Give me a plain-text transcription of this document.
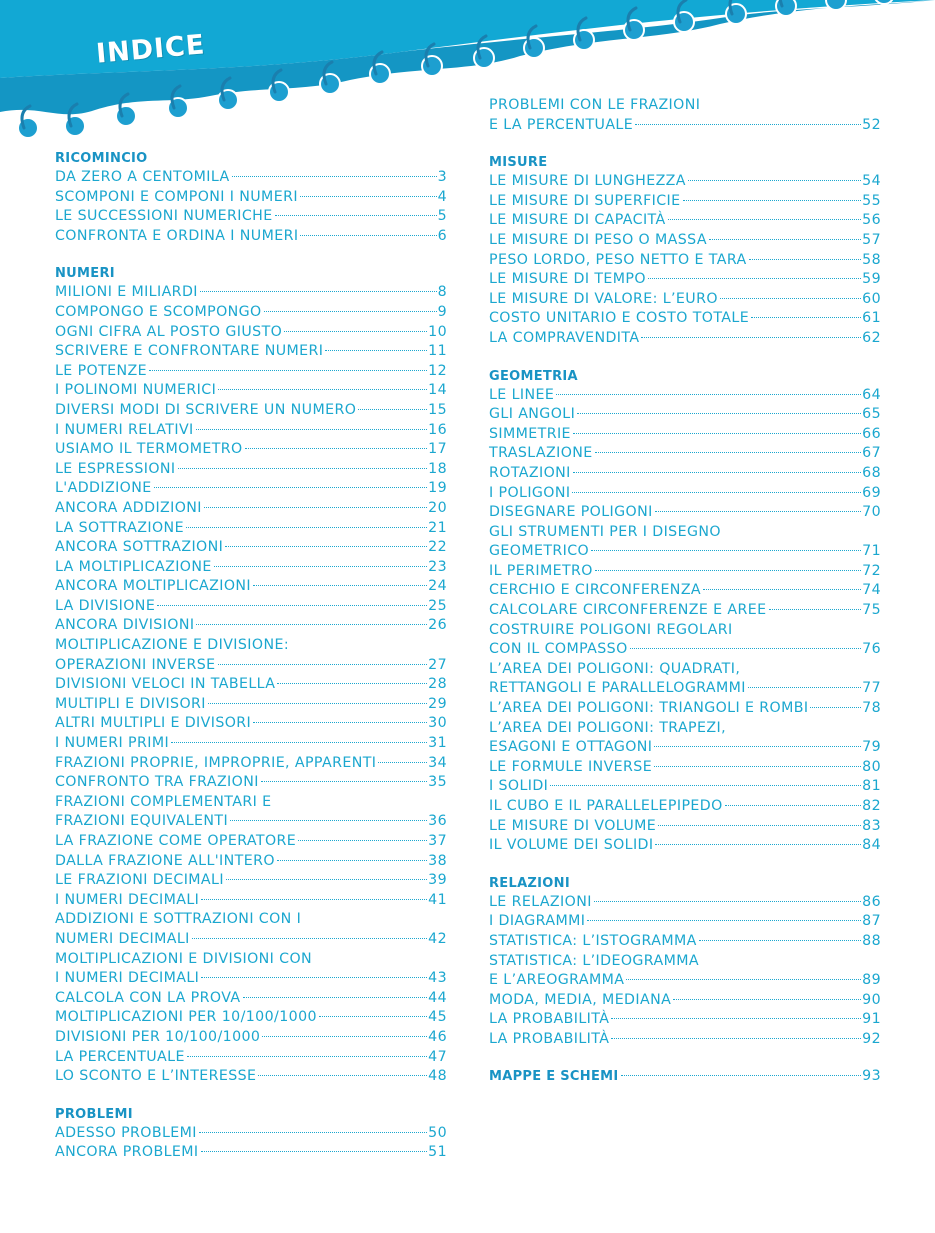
INDICE
RICOMINCIO
DA ZERO A CENTOMILA	3
SCOMPONI E COMPONI I NUMERI	4
LE SUCCESSIONI NUMERICHE	5
CONFRONTA E ORDINA I NUMERI	6
NUMERI
MILIONI E MILIARDI	8
COMPONGO E SCOMPONGO	9
OGNI CIFRA AL POSTO GIUSTO	10
SCRIVERE E CONFRONTARE NUMERI	11
LE POTENZE	12
I POLINOMI NUMERICI	14
DIVERSI MODI DI SCRIVERE UN NUMERO	15
I NUMERI RELATIVI	16
USIAMO IL TERMOMETRO	17
LE ESPRESSIONI	18
L'ADDIZIONE	19
ANCORA ADDIZIONI	20
LA SOTTRAZIONE	21
ANCORA SOTTRAZIONI	22
LA MOLTIPLICAZIONE	23
ANCORA MOLTIPLICAZIONI	24
LA DIVISIONE	25
ANCORA DIVISIONI	26
MOLTIPLICAZIONE E DIVISIONE:
OPERAZIONI INVERSE	27
DIVISIONI VELOCI IN TABELLA	28
MULTIPLI E DIVISORI	29
ALTRI MULTIPLI E DIVISORI	30
I NUMERI PRIMI	31
FRAZIONI PROPRIE, IMPROPRIE, APPARENTI	34
CONFRONTO TRA FRAZIONI	35
FRAZIONI COMPLEMENTARI E
FRAZIONI EQUIVALENTI	36
LA FRAZIONE COME OPERATORE	37
DALLA FRAZIONE ALL'INTERO	38
LE FRAZIONI DECIMALI	39
I NUMERI DECIMALI	41
ADDIZIONI E SOTTRAZIONI CON I
NUMERI DECIMALI	42
MOLTIPLICAZIONI E DIVISIONI CON
I NUMERI DECIMALI	43
CALCOLA CON LA PROVA	44
MOLTIPLICAZIONI PER 10/100/1000	45
DIVISIONI PER 10/100/1000	46
LA PERCENTUALE	47
LO SCONTO E L’INTERESSE	48
PROBLEMI
ADESSO PROBLEMI	50
ANCORA PROBLEMI	51
PROBLEMI CON LE FRAZIONI
E LA PERCENTUALE	52
MISURE
LE MISURE DI LUNGHEZZA	54
LE MISURE DI SUPERFICIE	55
LE MISURE DI CAPACITÀ	56
LE MISURE DI PESO O MASSA	57
PESO LORDO, PESO NETTO E TARA	58
LE MISURE DI TEMPO	59
LE MISURE DI VALORE: L’EURO	60
COSTO UNITARIO E COSTO TOTALE	61
LA COMPRAVENDITA	62
GEOMETRIA
LE LINEE	64
GLI ANGOLI	65
SIMMETRIE	66
TRASLAZIONE	67
ROTAZIONI	68
I POLIGONI	69
DISEGNARE POLIGONI	70
GLI STRUMENTI PER I DISEGNO
GEOMETRICO	71
IL PERIMETRO	72
CERCHIO E CIRCONFERENZA	74
CALCOLARE CIRCONFERENZE E AREE	75
COSTRUIRE POLIGONI REGOLARI
CON IL COMPASSO	76
L’AREA DEI POLIGONI: QUADRATI,
RETTANGOLI E PARALLELOGRAMMI	77
L’AREA DEI POLIGONI: TRIANGOLI E ROMBI	78
L’AREA DEI POLIGONI: TRAPEZI,
ESAGONI E OTTAGONI	79
LE FORMULE INVERSE	80
I SOLIDI	81
IL CUBO E IL PARALLELEPIPEDO	82
LE MISURE DI VOLUME	83
IL VOLUME DEI SOLIDI	84
RELAZIONI
LE RELAZIONI	86
I DIAGRAMMI	87
STATISTICA: L’ISTOGRAMMA	88
STATISTICA: L’IDEOGRAMMA
E L’AREOGRAMMA	89
MODA, MEDIA, MEDIANA	90
LA PROBABILITÀ	91
LA PROBABILITÀ	92
MAPPE E SCHEMI	93
